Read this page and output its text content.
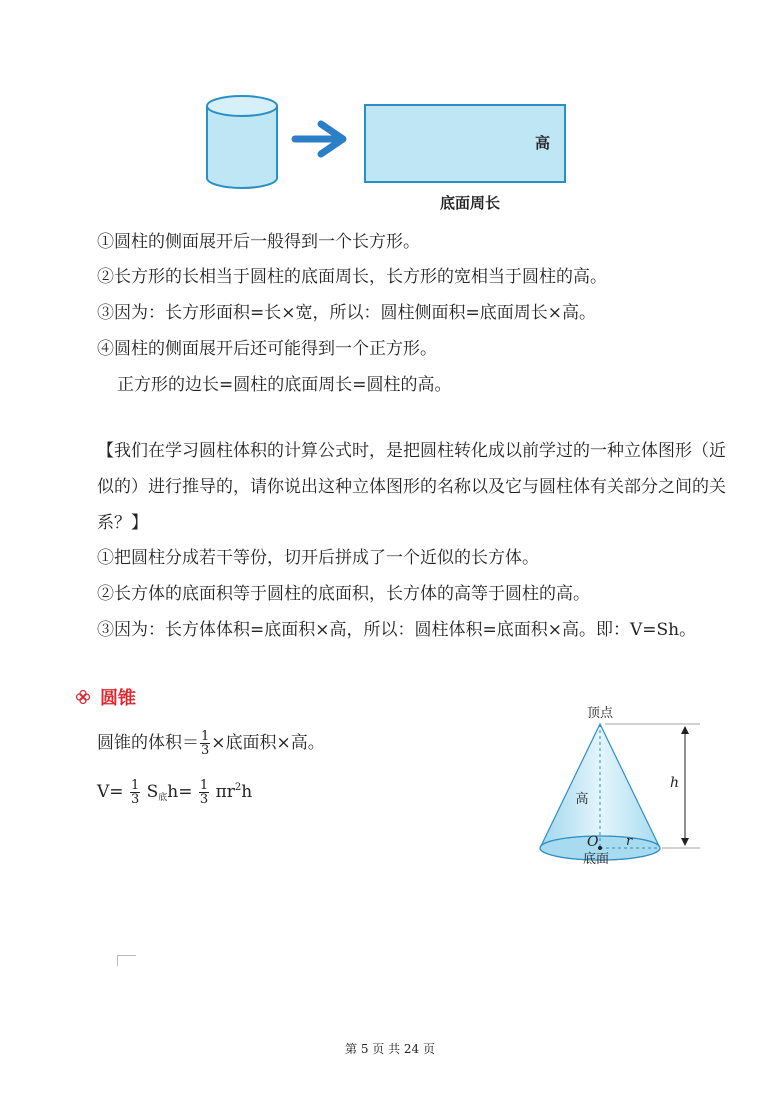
高
底面周长
①圆柱的侧面展开后一般得到一个长方形。
②长方形的长相当于圆柱的底面周长，长方形的宽相当于圆柱的高。
③因为：长方形面积=长×宽，所以：圆柱侧面积=底面周长×高。
④圆柱的侧面展开后还可能得到一个正方形。
正方形的边长=圆柱的底面周长=圆柱的高。
【我们在学习圆柱体积的计算公式时，是把圆柱转化成以前学过的一种立体图形（近似的）进行推导的，请你说出这种立体图形的名称以及它与圆柱体有关部分之间的关系？】
①把圆柱分成若干等份，切开后拼成了一个近似的长方体。
②长方体的底面积等于圆柱的底面积，长方体的高等于圆柱的高。
③因为：长方体体积=底面积×高，所以：圆柱体积=底面积×高。即：V=Sh。
圆锥
圆锥的体积＝ $\frac{1}{3}$ ×底面积×高。
$V= \frac{1}{3} S_底h= \frac{1}{3} \pi r^2h$
顶点
高
O r
底面
h
第 5 页 共 24 页
